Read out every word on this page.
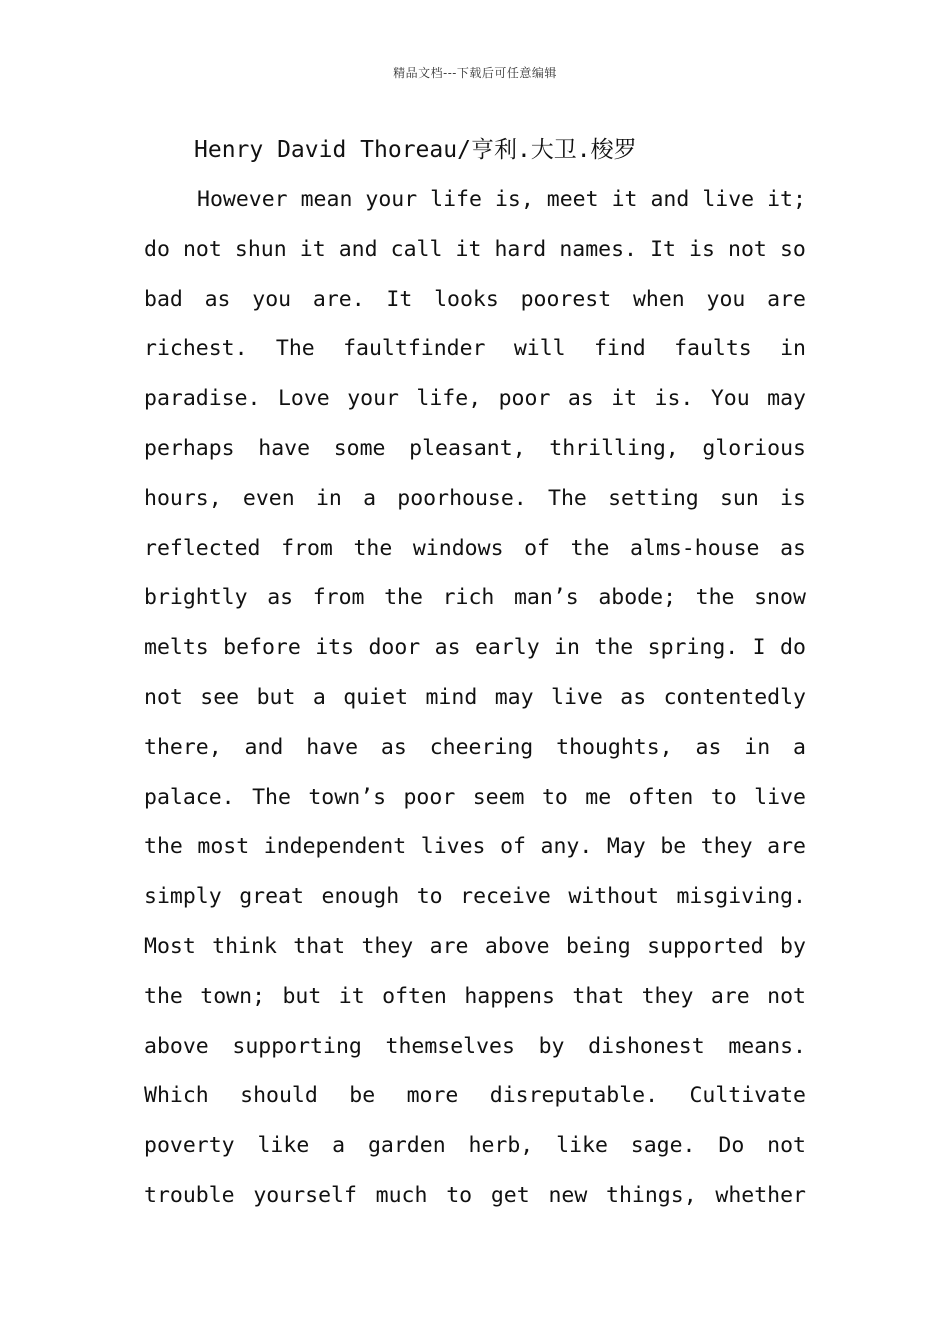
精品文档---下载后可任意编辑
Henry David Thoreau/亨利.大卫.梭罗
However mean your life is, meet it and live it;
do not shun it and call it hard names. It is not so
bad as you are. It looks poorest when you are
richest. The faultfinder will find faults in
paradise. Love your life, poor as it is. You may
perhaps have some pleasant, thrilling, glorious
hours, even in a poorhouse. The setting sun is
reflected from the windows of the alms-house as
brightly as from the rich man’s abode; the snow
melts before its door as early in the spring. I do
not see but a quiet mind may live as contentedly
there, and have as cheering thoughts, as in a
palace. The town’s poor seem to me often to live
the most independent lives of any. May be they are
simply great enough to receive without misgiving.
Most think that they are above being supported by
the town; but it often happens that they are not
above supporting themselves by dishonest means.
Which should be more disreputable. Cultivate
poverty like a garden herb, like sage. Do not
trouble yourself much to get new things, whether
